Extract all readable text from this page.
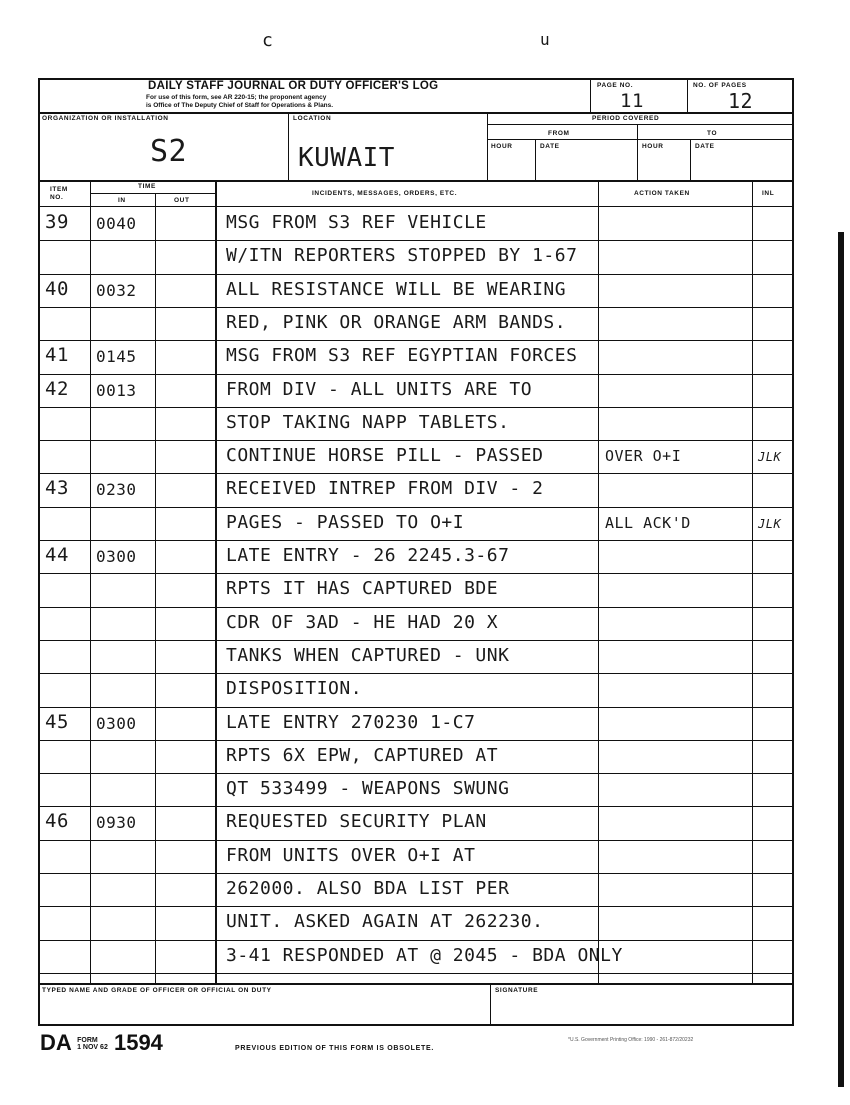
c	u
DAILY STAFF JOURNAL OR DUTY OFFICER'S LOG
For use of this form, see AR 220-15; the proponent agency
is Office of The Deputy Chief of Staff for Operations & Plans.
PAGE NO.
11
NO. OF PAGES
12
ORGANIZATION OR INSTALLATION
S2
LOCATION
KUWAIT
PERIOD COVERED
FROM	TO
HOUR	DATE	HOUR	DATE
ITEM
NO.
TIME
IN	OUT
INCIDENTS, MESSAGES, ORDERS, ETC.	ACTION TAKEN	INL
39 0040	MSG FROM S3 REF VEHICLE
W/ITN REPORTERS STOPPED BY 1-67
40 0032	ALL RESISTANCE WILL BE WEARING
RED, PINK OR ORANGE ARM BANDS.
41 0145	MSG FROM S3 REF EGYPTIAN FORCES
42 0013	FROM DIV - ALL UNITS ARE TO
STOP TAKING NAPP TABLETS.
CONTINUE HORSE PILL - PASSED	OVER O+I	JLK
43 0230	RECEIVED INTREP FROM DIV - 2
PAGES - PASSED TO O+I	ALL ACK'D	JLK
44 0300	LATE ENTRY - 26 2245.3-67
RPTS IT HAS CAPTURED BDE
CDR OF 3AD - HE HAD 20 X
TANKS WHEN CAPTURED - UNK
DISPOSITION.
45 0300	LATE ENTRY 270230 1-C7
RPTS 6X EPW, CAPTURED AT
QT 533499 - WEAPONS SWUNG
46 0930	REQUESTED SECURITY PLAN
FROM UNITS OVER O+I AT
262000. ALSO BDA LIST PER
UNIT. ASKED AGAIN AT 262230.
3-41 RESPONDED AT @ 2045 - BDA ONLY
TYPED NAME AND GRADE OF OFFICER OR OFFICIAL ON DUTY	SIGNATURE
DA FORM
1 NOV 62 1594	PREVIOUS EDITION OF THIS FORM IS OBSOLETE.
*U.S. Government Printing Office: 1990 - 261-872/20232
